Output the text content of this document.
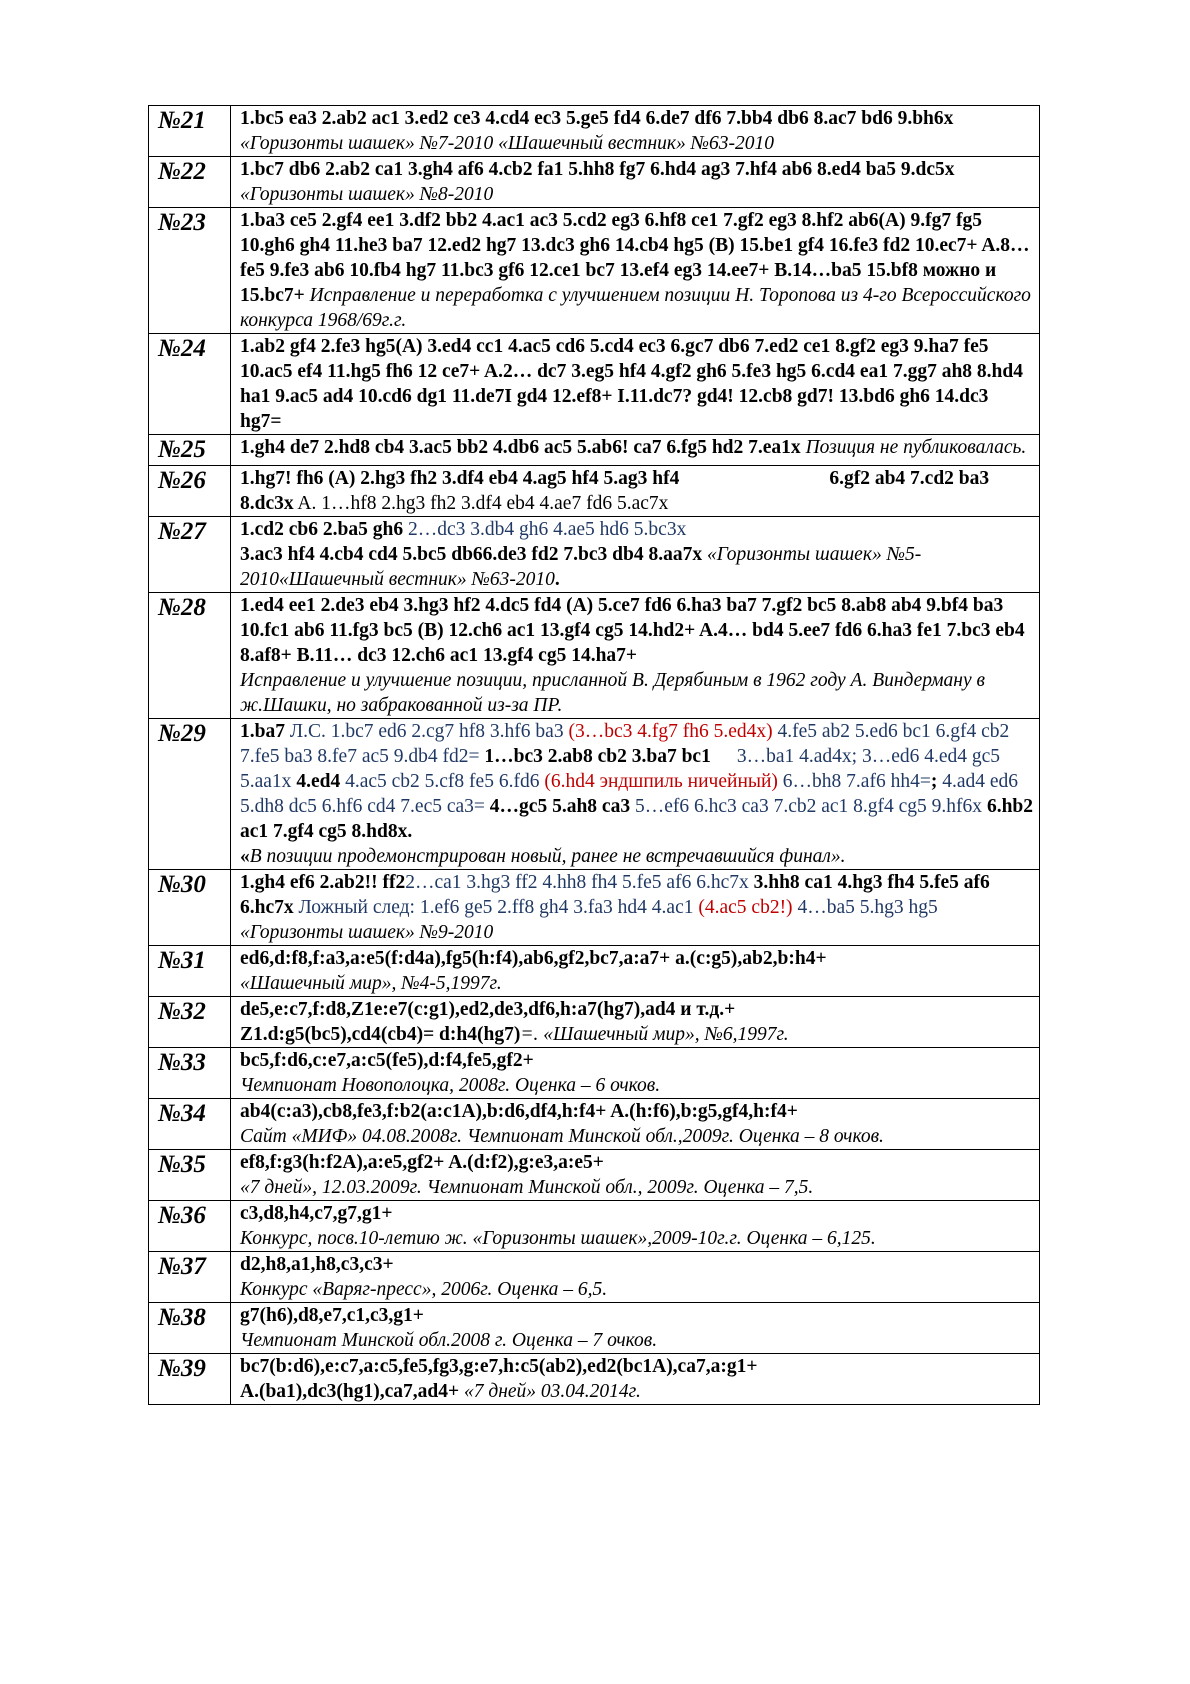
№21	1.bc5 ea3 2.ab2 ac1 3.ed2 ce3 4.cd4 ec3 5.ge5 fd4 6.de7 df6 7.bb4 db6 8.ac7 bd6 9.bh6x «Горизонты шашек» №7-2010 «Шашечный вестник» №63-2010
№22	1.bc7 db6 2.ab2 ca1 3.gh4 af6 4.cb2 fa1 5.hh8 fg7 6.hd4 ag3 7.hf4 ab6 8.ed4 ba5 9.dc5x «Горизонты шашек» №8-2010
№23	1.ba3 ce5 2.gf4 ee1 3.df2 bb2 4.ac1 ac3 5.cd2 eg3 6.hf8 ce1 7.gf2 eg3 8.hf2 ab6(A) 9.fg7 fg5 10.gh6 gh4 11.he3 ba7 12.ed2 hg7 13.dc3 gh6 14.cb4 hg5 (B) 15.be1 gf4 16.fe3 fd2 10.ec7+ A.8…fe5 9.fe3 ab6 10.fb4 hg7 11.bc3 gf6 12.ce1 bc7 13.ef4 eg3 14.ee7+ B.14…ba5 15.bf8 можно и 15.bc7+ Исправление и переработка с улучшением позиции Н. Торопова из 4-го Всероссийского конкурса 1968/69г.г.
№24	1.ab2 gf4 2.fe3 hg5(A) 3.ed4 cc1 4.ac5 cd6 5.cd4 ec3 6.gc7 db6 7.ed2 ce1 8.gf2 eg3 9.ha7 fe5 10.ac5 ef4 11.hg5 fh6 12 ce7+ A.2… dc7 3.eg5 hf4 4.gf2 gh6 5.fe3 hg5 6.cd4 ea1 7.gg7 ah8 8.hd4 ha1 9.ac5 ad4 10.cd6 dg1 11.de7I gd4 12.ef8+ I.11.dc7? gd4! 12.cb8 gd7! 13.bd6 gh6 14.dc3 hg7=
№25	1.gh4 de7 2.hd8 cb4 3.ac5 bb2 4.db6 ac5 5.ab6! ca7 6.fg5 hd2 7.ea1x Позиция не публиковалась.
№26	1.hg7! fh6 (A) 2.hg3 fh2 3.df4 eb4 4.ag5 hf4 5.ag3 hf4 6.gf2 ab4 7.cd2 ba3 8.dc3x A. 1…hf8 2.hg3 fh2 3.df4 eb4 4.ae7 fd6 5.ac7x
№27	1.cd2 cb6 2.ba5 gh6 2…dc3 3.db4 gh6 4.ae5 hd6 5.bc3x
3.ac3 hf4 4.cb4 cd4 5.bc5 db66.de3 fd2 7.bc3 db4 8.aa7x «Горизонты шашек» №5-2010«Шашечный вестник» №63-2010.
№28	1.ed4 ee1 2.de3 eb4 3.hg3 hf2 4.dc5 fd4 (A) 5.ce7 fd6 6.ha3 ba7 7.gf2 bc5 8.ab8 ab4 9.bf4 ba3 10.fc1 ab6 11.fg3 bc5 (B) 12.ch6 ac1 13.gf4 cg5 14.hd2+ A.4… bd4 5.ee7 fd6 6.ha3 fe1 7.bc3 eb4 8.af8+ B.11… dc3 12.ch6 ac1 13.gf4 cg5 14.ha7+
Исправление и улучшение позиции, присланной В. Дерябиным в 1962 году А. Виндерману в ж.Шашки, но забракованной из-за ПР.
№29	1.ba7 Л.С. 1.bc7 ed6 2.cg7 hf8 3.hf6 ba3 (3…bc3 4.fg7 fh6 5.ed4x) 4.fe5 ab2 5.ed6 bc1 6.gf4 cb2 7.fe5 ba3 8.fe7 ac5 9.db4 fd2= 1…bc3 2.ab8 cb2 3.ba7 bc1 3…ba1 4.ad4x; 3…ed6 4.ed4 gc5 5.aa1x 4.ed4 4.ac5 cb2 5.cf8 fe5 6.fd6 (6.hd4 эндшпиль ничейный) 6…bh8 7.af6 hh4=; 4.ad4 ed6 5.dh8 dc5 6.hf6 cd4 7.ec5 ca3= 4…gc5 5.ah8 ca3 5…ef6 6.hc3 ca3 7.cb2 ac1 8.gf4 cg5 9.hf6x 6.hb2 ac1 7.gf4 cg5 8.hd8x.
«В позиции продемонстрирован новый, ранее не встречавшийся финал».
№30	1.gh4 ef6 2.ab2!! ff22…ca1 3.hg3 ff2 4.hh8 fh4 5.fe5 af6 6.hc7x 3.hh8 ca1 4.hg3 fh4 5.fe5 af6 6.hc7x Ложный след: 1.ef6 ge5 2.ff8 gh4 3.fa3 hd4 4.ac1 (4.ac5 cb2!) 4…ba5 5.hg3 hg5 «Горизонты шашек» №9-2010
№31	ed6,d:f8,f:a3,a:e5(f:d4a),fg5(h:f4),ab6,gf2,bc7,a:a7+ a.(c:g5),ab2,b:h4+
«Шашечный мир», №4-5,1997г.
№32	de5,e:c7,f:d8,Z1e:e7(c:g1),ed2,de3,df6,h:a7(hg7),ad4 и т.д.+
Z1.d:g5(bc5),cd4(cb4)= d:h4(hg7)=. «Шашечный мир», №6,1997г.
№33	bc5,f:d6,c:e7,a:c5(fe5),d:f4,fe5,gf2+
Чемпионат Новополоцка, 2008г. Оценка – 6 очков.
№34	ab4(c:a3),cb8,fe3,f:b2(a:c1A),b:d6,df4,h:f4+ A.(h:f6),b:g5,gf4,h:f4+
Сайт «МИФ» 04.08.2008г. Чемпионат Минской обл.,2009г. Оценка – 8 очков.
№35	ef8,f:g3(h:f2A),a:e5,gf2+ A.(d:f2),g:e3,a:e5+
«7 дней», 12.03.2009г. Чемпионат Минской обл., 2009г. Оценка – 7,5.
№36	c3,d8,h4,c7,g7,g1+
Конкурс, посв.10-летию ж. «Горизонты шашек»,2009-10г.г. Оценка – 6,125.
№37	d2,h8,a1,h8,c3,c3+
Конкурс «Варяг-пресс», 2006г. Оценка – 6,5.
№38	g7(h6),d8,e7,c1,c3,g1+
Чемпионат Минской обл.2008 г. Оценка – 7 очков.
№39	bc7(b:d6),e:c7,a:c5,fe5,fg3,g:e7,h:c5(ab2),ed2(bc1A),ca7,a:g1+
A.(ba1),dc3(hg1),ca7,ad4+ «7 дней» 03.04.2014г.
